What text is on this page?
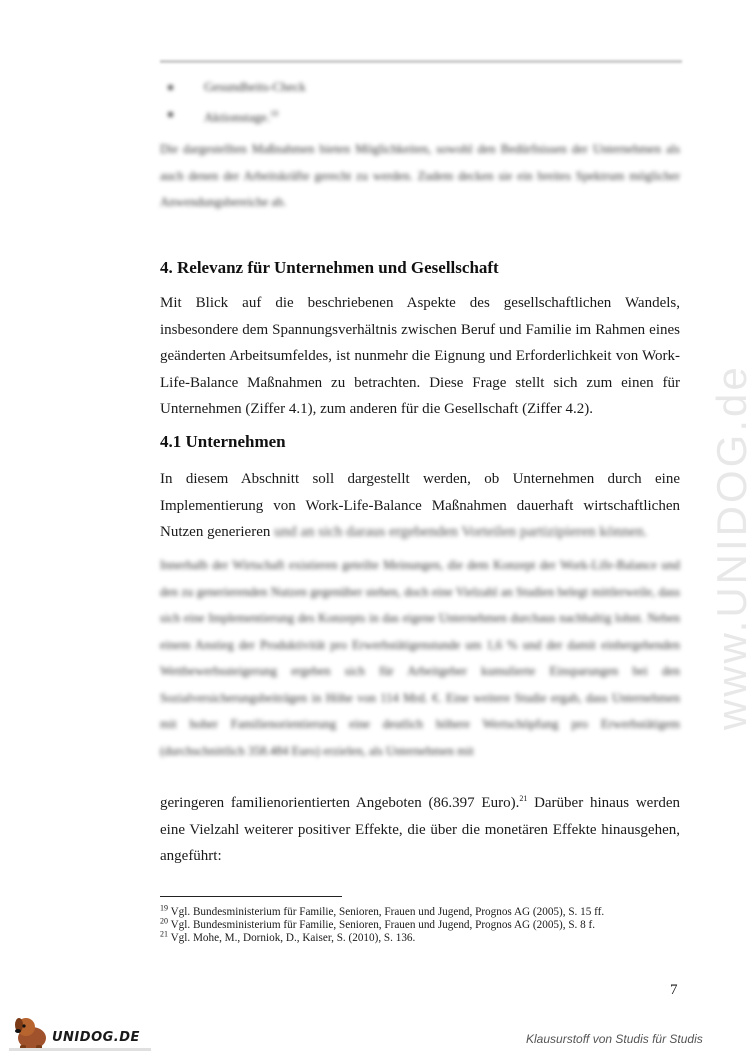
Gesundheits-Check
Aktionstage.$^{18}$

Die dargestellten Maßnahmen bieten Möglichkeiten, sowohl den Bedürfnissen der Unternehmen als auch denen der Arbeitskräfte gerecht zu werden. Zudem decken sie ein breites Spektrum möglicher Anwendungsbereiche ab.

4. Relevanz für Unternehmen und Gesellschaft

Mit Blick auf die beschriebenen Aspekte des gesellschaftlichen Wandels, insbesondere dem Spannungsverhältnis zwischen Beruf und Familie im Rahmen eines geänderten Arbeitsumfeldes, ist nunmehr die Eignung und Erforderlichkeit von Work-Life-Balance Maßnahmen zu betrachten. Diese Frage stellt sich zum einen für Unternehmen (Ziffer 4.1), zum anderen für die Gesellschaft (Ziffer 4.2).

4.1 Unternehmen

In diesem Abschnitt soll dargestellt werden, ob Unternehmen durch eine Implementierung von Work-Life-Balance Maßnahmen dauerhaft wirtschaftlichen Nutzen generieren und an sich daraus ergebenden Vorteilen partizipieren können.

Innerhalb der Wirtschaft existieren geteilte Meinungen, die dem Konzept der Work-Life-Balance und den zu generierenden Nutzen gegenüber stehen, doch eine Vielzahl an Studien belegt mittlerweile, dass sich eine Implementierung des Konzepts in das eigene Unternehmen durchaus nachhaltig lohnt. Neben einem Anstieg der Produktivität pro Erwerbstätigenstunde um 1,6 % und der damit einhergehenden Wettbewerbssteigerung ergeben sich für Arbeitgeber kumulierte Einsparungen bei den Sozialversicherungsbeiträgen in Höhe von 114 Mrd. €. Eine weitere Studie ergab, dass Unternehmen mit hoher Familienorientierung eine deutlich höhere Wertschöpfung pro Erwerbstätigem (durchschnittlich 358.484 Euro) erzielen, als Unternehmen mit

geringeren familienorientierten Angeboten (86.397 Euro).$^{21}$ Darüber hinaus werden eine Vielzahl weiterer positiver Effekte, die über die monetären Effekte hinausgehen, angeführt:

$^{19}$ Vgl. Bundesministerium für Familie, Senioren, Frauen und Jugend, Prognos AG (2005), S. 15 ff.
$^{20}$ Vgl. Bundesministerium für Familie, Senioren, Frauen und Jugend, Prognos AG (2005), S. 8 f.
$^{21}$ Vgl. Mohe, M., Dorniok, D., Kaiser, S. (2010), S. 136.
7
www.UNIDOG.de
UNIDOG.DE	Klausurstoff von Studis für Studis
